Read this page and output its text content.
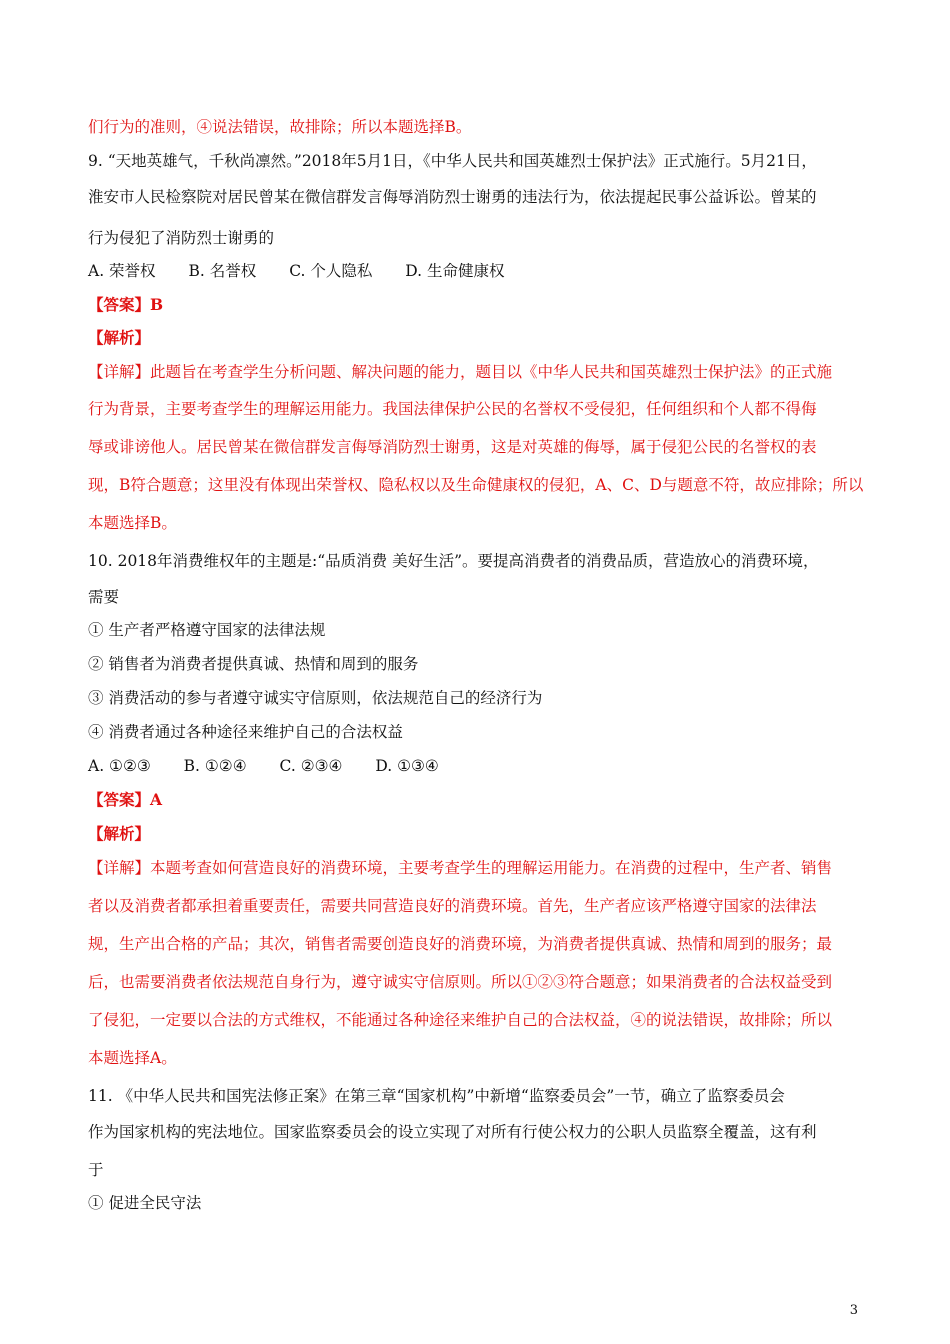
们行为的准则，④说法错误，故排除；所以本题选择B。
9. “天地英雄气，千秋尚凛然。”2018年5月1日，《中华人民共和国英雄烈士保护法》正式施行。5月21日，
淮安市人民检察院对居民曾某在微信群发言侮辱消防烈士谢勇的违法行为，依法提起民事公益诉讼。曾某的
行为侵犯了消防烈士谢勇的
A. 荣誉权 B. 名誉权 C. 个人隐私 D. 生命健康权
【答案】B
【解析】
【详解】此题旨在考查学生分析问题、解决问题的能力，题目以《中华人民共和国英雄烈士保护法》的正式施
行为背景，主要考查学生的理解运用能力。我国法律保护公民的名誉权不受侵犯，任何组织和个人都不得侮
辱或诽谤他人。居民曾某在微信群发言侮辱消防烈士谢勇，这是对英雄的侮辱，属于侵犯公民的名誉权的表
现，B符合题意；这里没有体现出荣誉权、隐私权以及生命健康权的侵犯，A、C、D与题意不符，故应排除；所以
本题选择B。
10. 2018年消费维权年的主题是:“品质消费 美好生活”。要提高消费者的消费品质，营造放心的消费环境，
需要
① 生产者严格遵守国家的法律法规
② 销售者为消费者提供真诚、热情和周到的服务
③ 消费活动的参与者遵守诚实守信原则，依法规范自己的经济行为
④ 消费者通过各种途径来维护自己的合法权益
A. ①②③ B. ①②④ C. ②③④ D. ①③④
【答案】A
【解析】
【详解】本题考查如何营造良好的消费环境，主要考查学生的理解运用能力。在消费的过程中，生产者、销售
者以及消费者都承担着重要责任，需要共同营造良好的消费环境。首先，生产者应该严格遵守国家的法律法
规，生产出合格的产品；其次，销售者需要创造良好的消费环境，为消费者提供真诚、热情和周到的服务；最
后，也需要消费者依法规范自身行为，遵守诚实守信原则。所以①②③符合题意；如果消费者的合法权益受到
了侵犯，一定要以合法的方式维权，不能通过各种途径来维护自己的合法权益，④的说法错误，故排除；所以
本题选择A。
11. 《中华人民共和国宪法修正案》在第三章“国家机构”中新增“监察委员会”一节，确立了监察委员会
作为国家机构的宪法地位。国家监察委员会的设立实现了对所有行使公权力的公职人员监察全覆盖，这有利
于
① 促进全民守法
3
